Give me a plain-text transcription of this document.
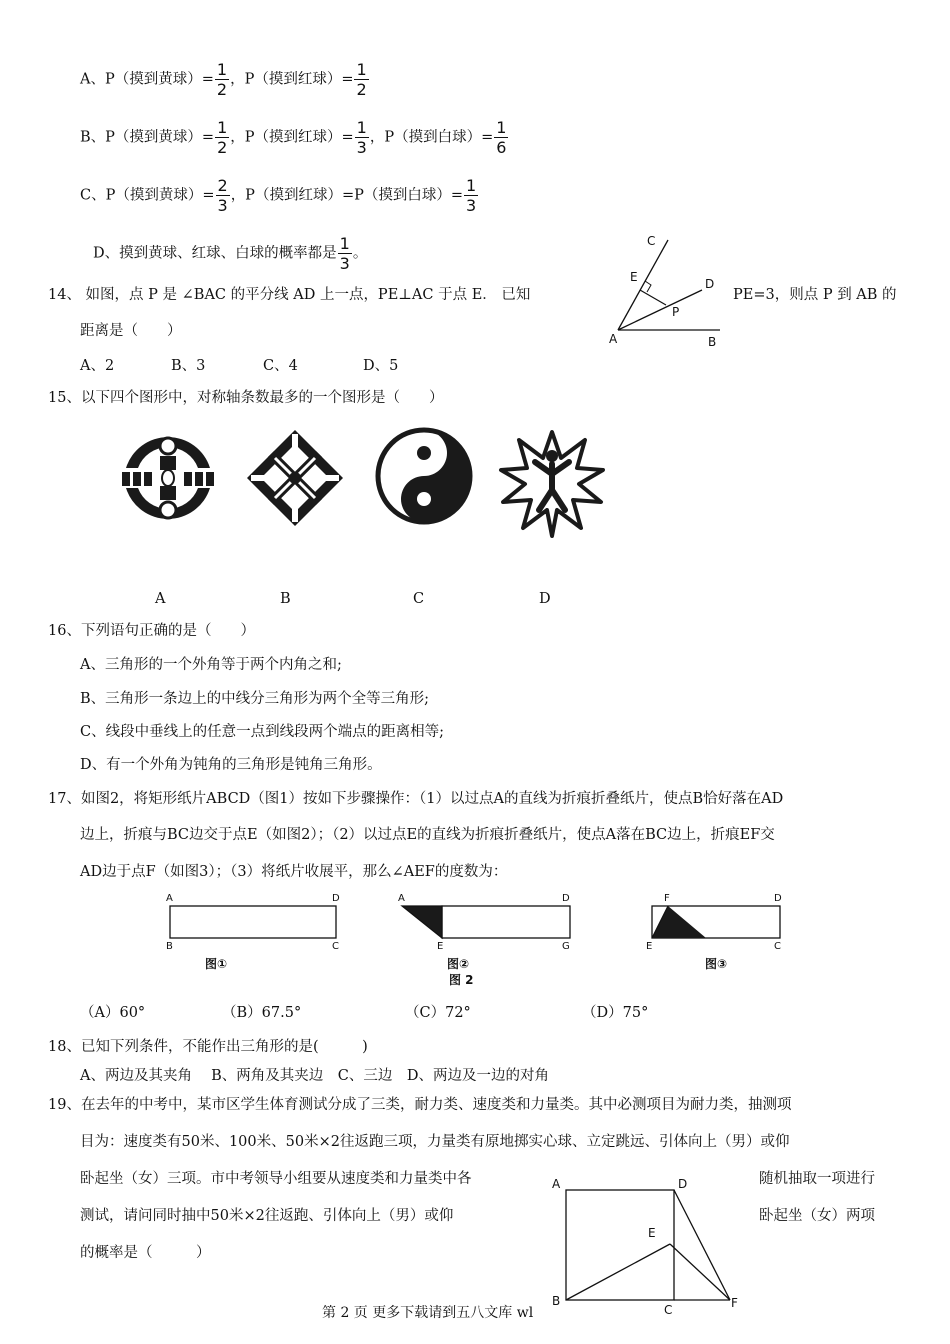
A、P（摸到黄球）= $\frac{1}{2}$ ，P（摸到红球）= $\frac{1}{2}$
B、P（摸到黄球）= $\frac{1}{2}$ ，P（摸到红球）= $\frac{1}{3}$ ，P（摸到白球）= $\frac{1}{6}$
C、P（摸到黄球）= $\frac{2}{3}$ ，P（摸到红球）=P（摸到白球）= $\frac{1}{3}$
D、摸到黄球、红球、白球的概率都是 $\frac{1}{3}$ 。
14、 如图，点 P 是 ∠BAC 的平分线 AD 上一点，PE⊥AC 于点 E． 已知	PE=3，则点 P 到 AB 的
距离是（　　）
A、2	B、3	C、4	D、5
C
E	D
P
A	B
15、以下四个图形中，对称轴条数最多的一个图形是（　　）
A	B	C	D
16、下列语句正确的是（　　）
A、三角形的一个外角等于两个内角之和;
B、三角形一条边上的中线分三角形为两个全等三角形;
C、线段中垂线上的任意一点到线段两个端点的距离相等;
D、有一个外角为钝角的三角形是钝角三角形。
17、如图2，将矩形纸片ABCD（图1）按如下步骤操作：（1）以过点A的直线为折痕折叠纸片，使点B恰好落在AD
边上，折痕与BC边交于点E（如图2）；（2）以过点E的直线为折痕折叠纸片，使点A落在BC边上，折痕EF交
AD边于点F（如图3）；（3）将纸片收展平，那么∠AEF的度数为：
A	D
B	C
图①
A	D
E	G
图②
图 2
F	D
E	C
图③
（A）60°	（B）67.5°	（C）72°	（D）75°
18、已知下列条件，不能作出三角形的是(　　　)
A、两边及其夹角　 B、两角及其夹边　C、三边　D、两边及一边的对角
19、在去年的中考中，某市区学生体育测试分成了三类，耐力类、速度类和力量类。其中必测项目为耐力类，抽测项
目为：速度类有50米、100米、50米×2往返跑三项，力量类有原地掷实心球、立定跳远、引体向上（男）或仰
卧起坐（女）三项。市中考领导小组要从速度类和力量类中各	随机抽取一项进行
测试，请问同时抽中50米×2往返跑、引体向上（男）或仰	卧起坐（女）两项
的概率是（　　　）
A	D
E
B
C	F
第 2 页 更多下载请到五八文库 wl
